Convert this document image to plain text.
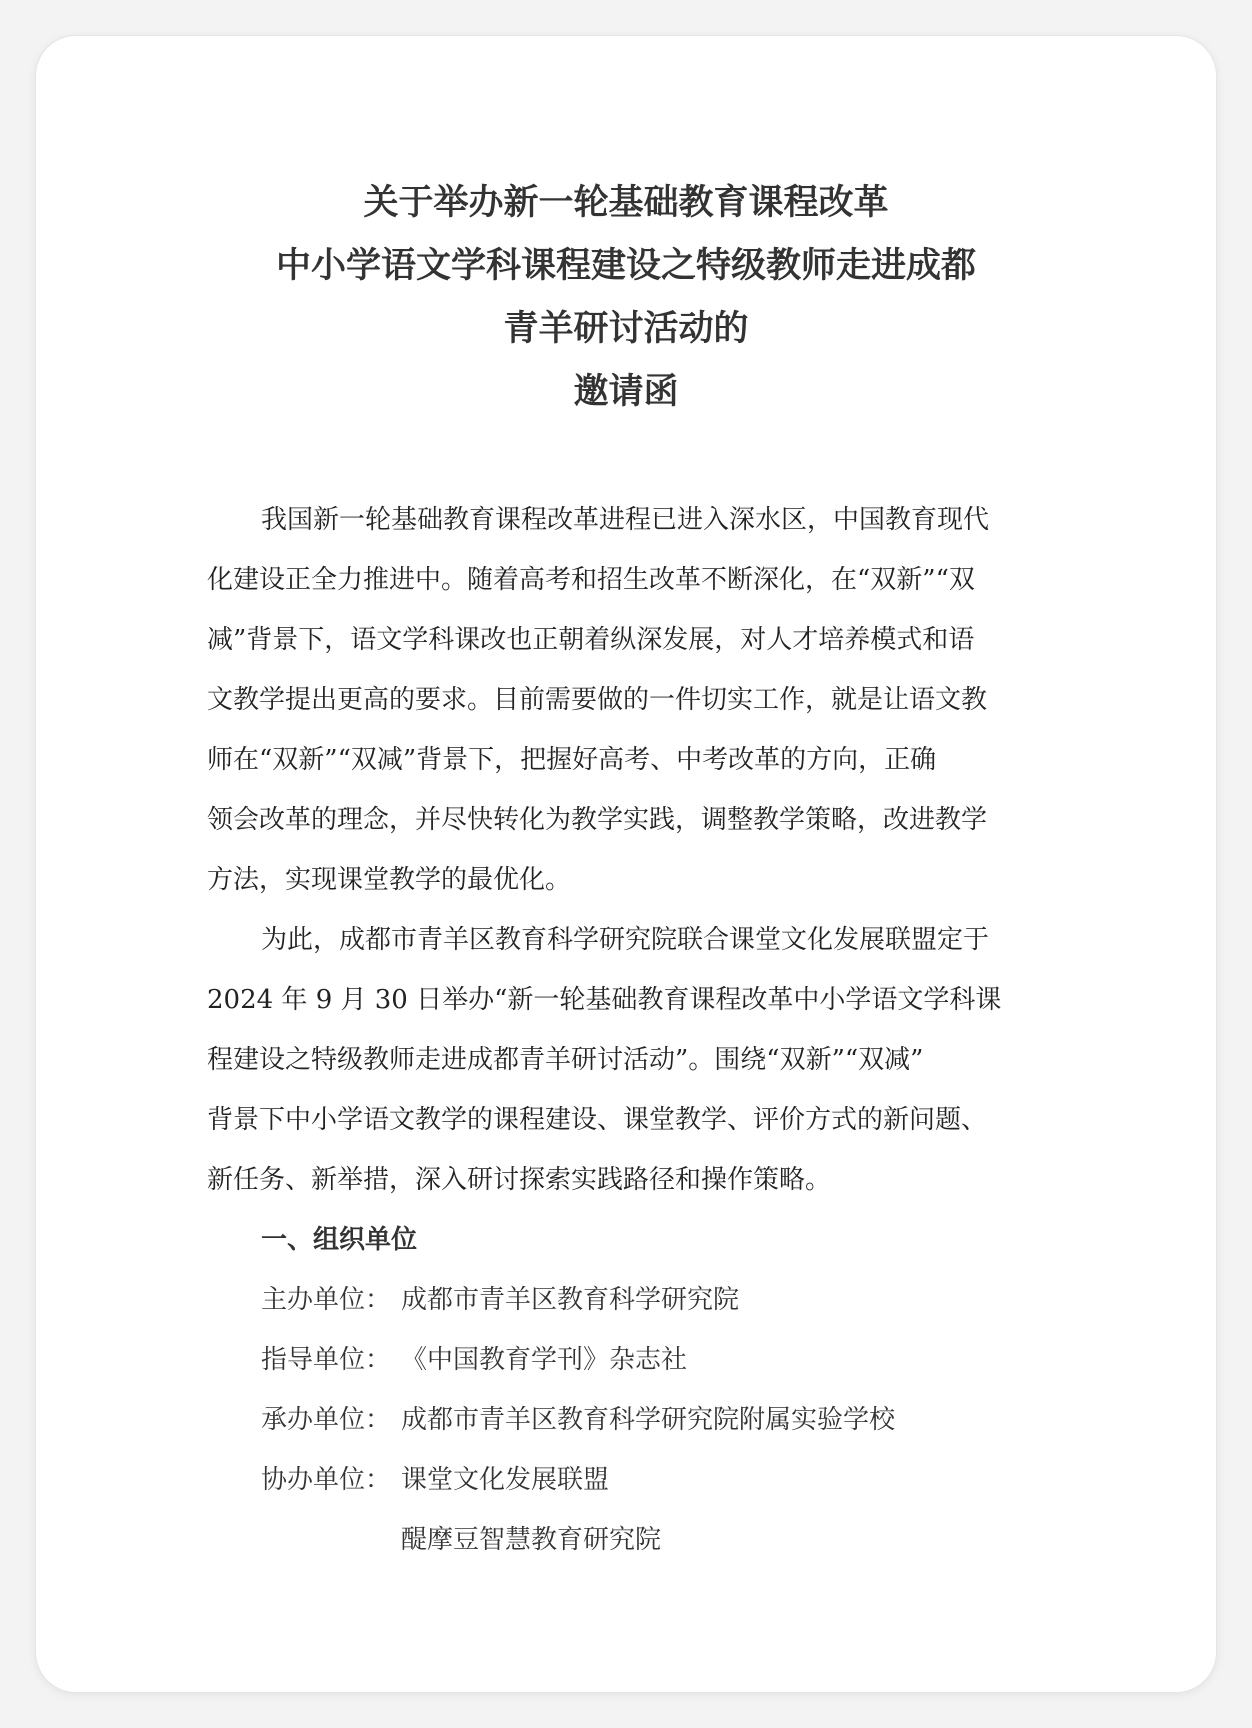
关于举办新一轮基础教育课程改革
中小学语文学科课程建设之特级教师走进成都
青羊研讨活动的
邀请函
我国新一轮基础教育课程改革进程已进入深水区，中国教育现代
化建设正全力推进中。随着高考和招生改革不断深化，在“双新”“双
减”背景下，语文学科课改也正朝着纵深发展，对人才培养模式和语
文教学提出更高的要求。目前需要做的一件切实工作，就是让语文教
师在“双新”“双减”背景下，把握好高考、中考改革的方向，正确
领会改革的理念，并尽快转化为教学实践，调整教学策略，改进教学
方法，实现课堂教学的最优化。
为此，成都市青羊区教育科学研究院联合课堂文化发展联盟定于
2024 年 9 月 30 日举办“新一轮基础教育课程改革中小学语文学科课
程建设之特级教师走进成都青羊研讨活动”。围绕“双新”“双减”
背景下中小学语文教学的课程建设、课堂教学、评价方式的新问题、
新任务、新举措，深入研讨探索实践路径和操作策略。
一、组织单位
主办单位： 成都市青羊区教育科学研究院
指导单位： 《中国教育学刊》杂志社
承办单位： 成都市青羊区教育科学研究院附属实验学校
协办单位： 课堂文化发展联盟
醍摩豆智慧教育研究院
